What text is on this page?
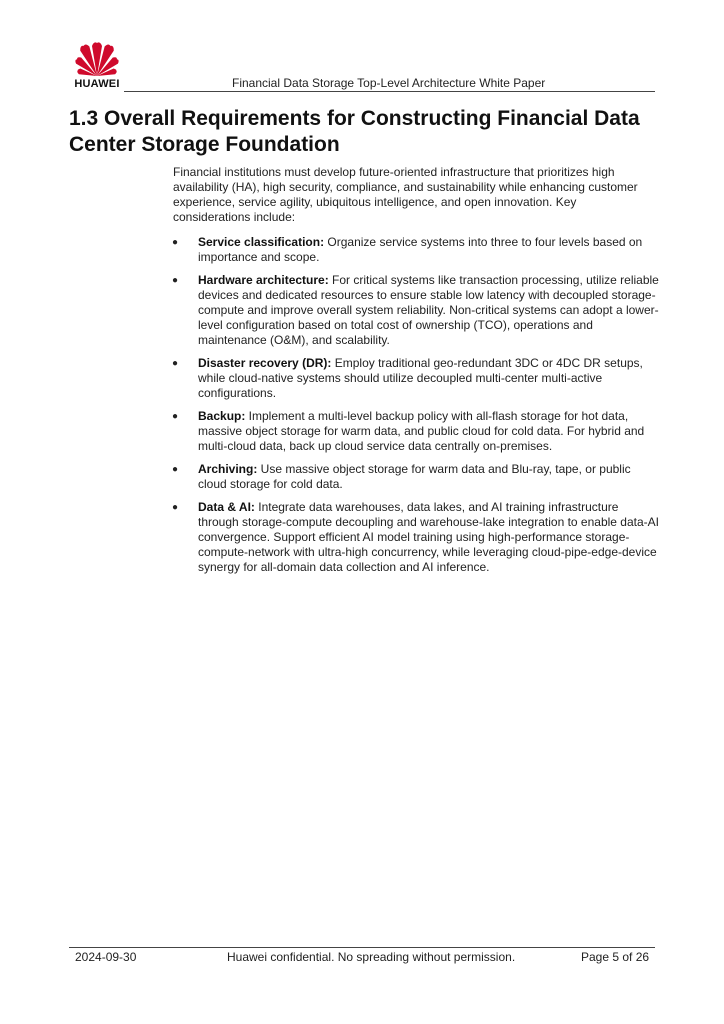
HUAWEI	Financial Data Storage Top-Level Architecture White Paper
1.3 Overall Requirements for Constructing Financial Data Center Storage Foundation
Financial institutions must develop future-oriented infrastructure that prioritizes high availability (HA), high security, compliance, and sustainability while enhancing customer experience, service agility, ubiquitous intelligence, and open innovation. Key considerations include:
● Service classification: Organize service systems into three to four levels based on importance and scope.
● Hardware architecture: For critical systems like transaction processing, utilize reliable devices and dedicated resources to ensure stable low latency with decoupled storage-compute and improve overall system reliability. Non-critical systems can adopt a lower-level configuration based on total cost of ownership (TCO), operations and maintenance (O&M), and scalability.
● Disaster recovery (DR): Employ traditional geo-redundant 3DC or 4DC DR setups, while cloud-native systems should utilize decoupled multi-center multi-active configurations.
● Backup: Implement a multi-level backup policy with all-flash storage for hot data, massive object storage for warm data, and public cloud for cold data. For hybrid and multi-cloud data, back up cloud service data centrally on-premises.
● Archiving: Use massive object storage for warm data and Blu-ray, tape, or public cloud storage for cold data.
● Data & AI: Integrate data warehouses, data lakes, and AI training infrastructure through storage-compute decoupling and warehouse-lake integration to enable data-AI convergence. Support efficient AI model training using high-performance storage-compute-network with ultra-high concurrency, while leveraging cloud-pipe-edge-device synergy for all-domain data collection and AI inference.
2024-09-30	Huawei confidential. No spreading without permission.	Page 5 of 26
